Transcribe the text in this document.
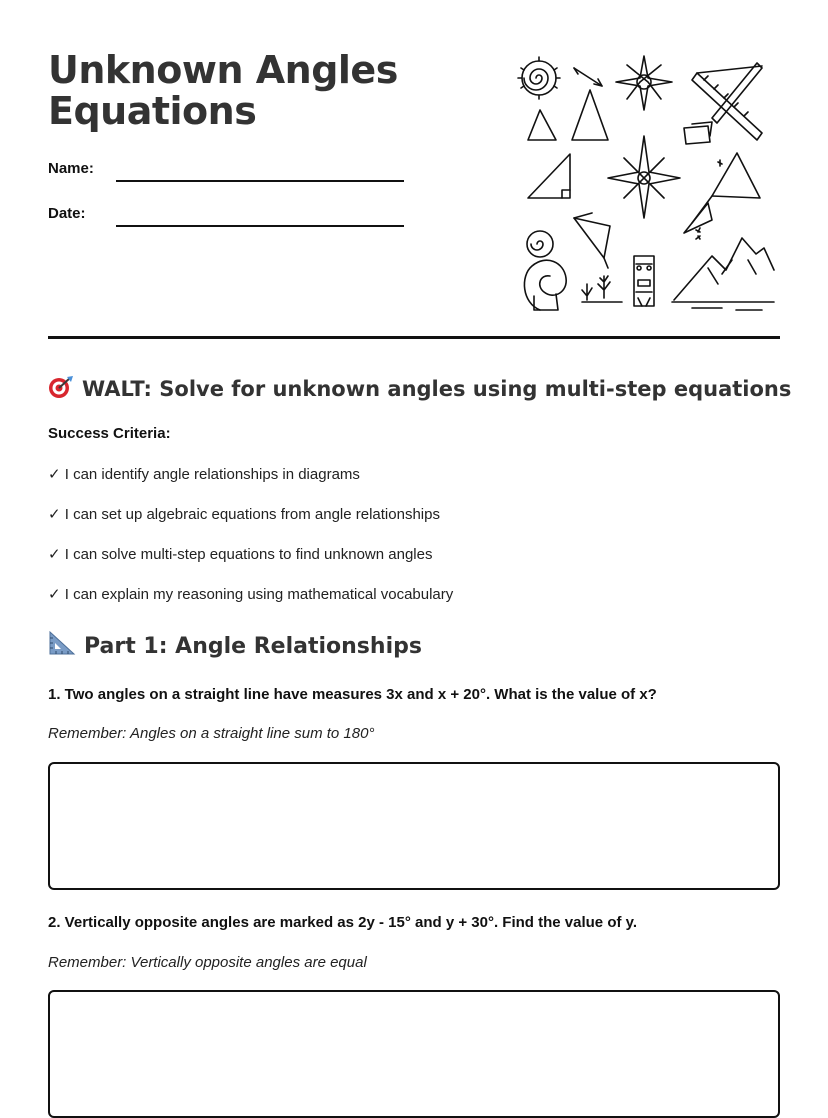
Unknown Angles
Equations
Name:
Date:
WALT: Solve for unknown angles using multi-step equations
Success Criteria:
✓ I can identify angle relationships in diagrams
✓ I can set up algebraic equations from angle relationships
✓ I can solve multi-step equations to find unknown angles
✓ I can explain my reasoning using mathematical vocabulary
Part 1: Angle Relationships
1. Two angles on a straight line have measures 3x and x + 20°. What is the value of x?
Remember: Angles on a straight line sum to 180°
2. Vertically opposite angles are marked as 2y - 15° and y + 30°. Find the value of y.
Remember: Vertically opposite angles are equal
